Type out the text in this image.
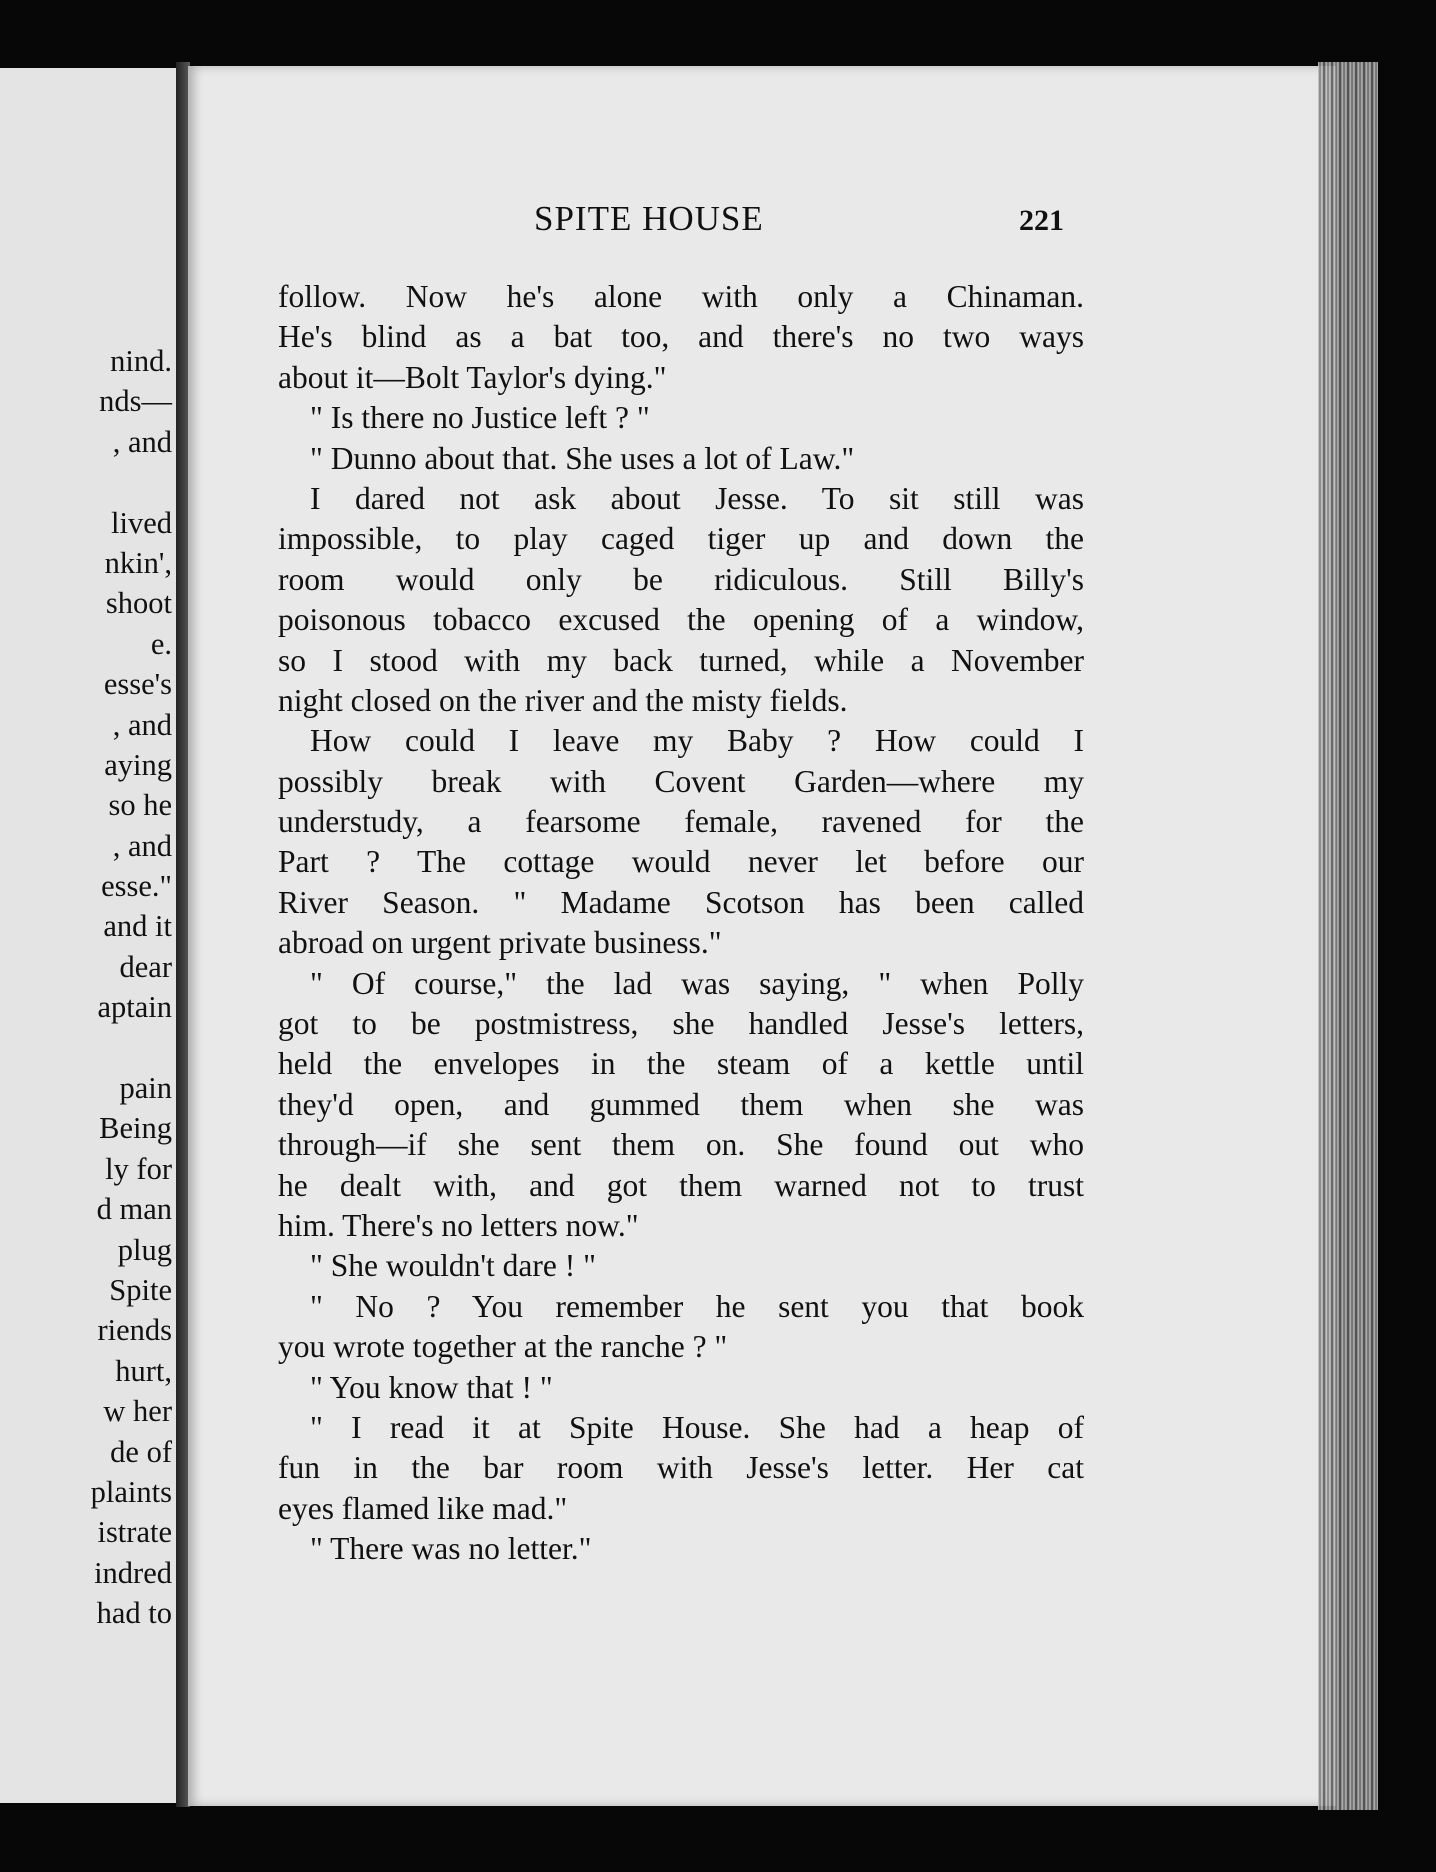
nind.
nds—
, and
lived
nkin',
shoot
e.
esse's
, and
aying
so he
, and
esse."
and it
dear
aptain
pain
Being
ly for
d man
plug
Spite
riends
hurt,
w her
de of
plaints
istrate
indred
had to
SPITE HOUSE	221
follow. Now he's alone with only a Chinaman.
He's blind as a bat too, and there's no two ways
about it—Bolt Taylor's dying."
" Is there no Justice left ? "
" Dunno about that. She uses a lot of Law."
I dared not ask about Jesse. To sit still was
impossible, to play caged tiger up and down the
room would only be ridiculous. Still Billy's
poisonous tobacco excused the opening of a window,
so I stood with my back turned, while a November
night closed on the river and the misty fields.
How could I leave my Baby ? How could I
possibly break with Covent Garden—where my
understudy, a fearsome female, ravened for the
Part ? The cottage would never let before our
River Season. " Madame Scotson has been called
abroad on urgent private business."
" Of course," the lad was saying, " when Polly
got to be postmistress, she handled Jesse's letters,
held the envelopes in the steam of a kettle until
they'd open, and gummed them when she was
through—if she sent them on. She found out who
he dealt with, and got them warned not to trust
him. There's no letters now."
" She wouldn't dare ! "
" No ? You remember he sent you that book
you wrote together at the ranche ? "
" You know that ! "
" I read it at Spite House. She had a heap of
fun in the bar room with Jesse's letter. Her cat
eyes flamed like mad."
" There was no letter."
